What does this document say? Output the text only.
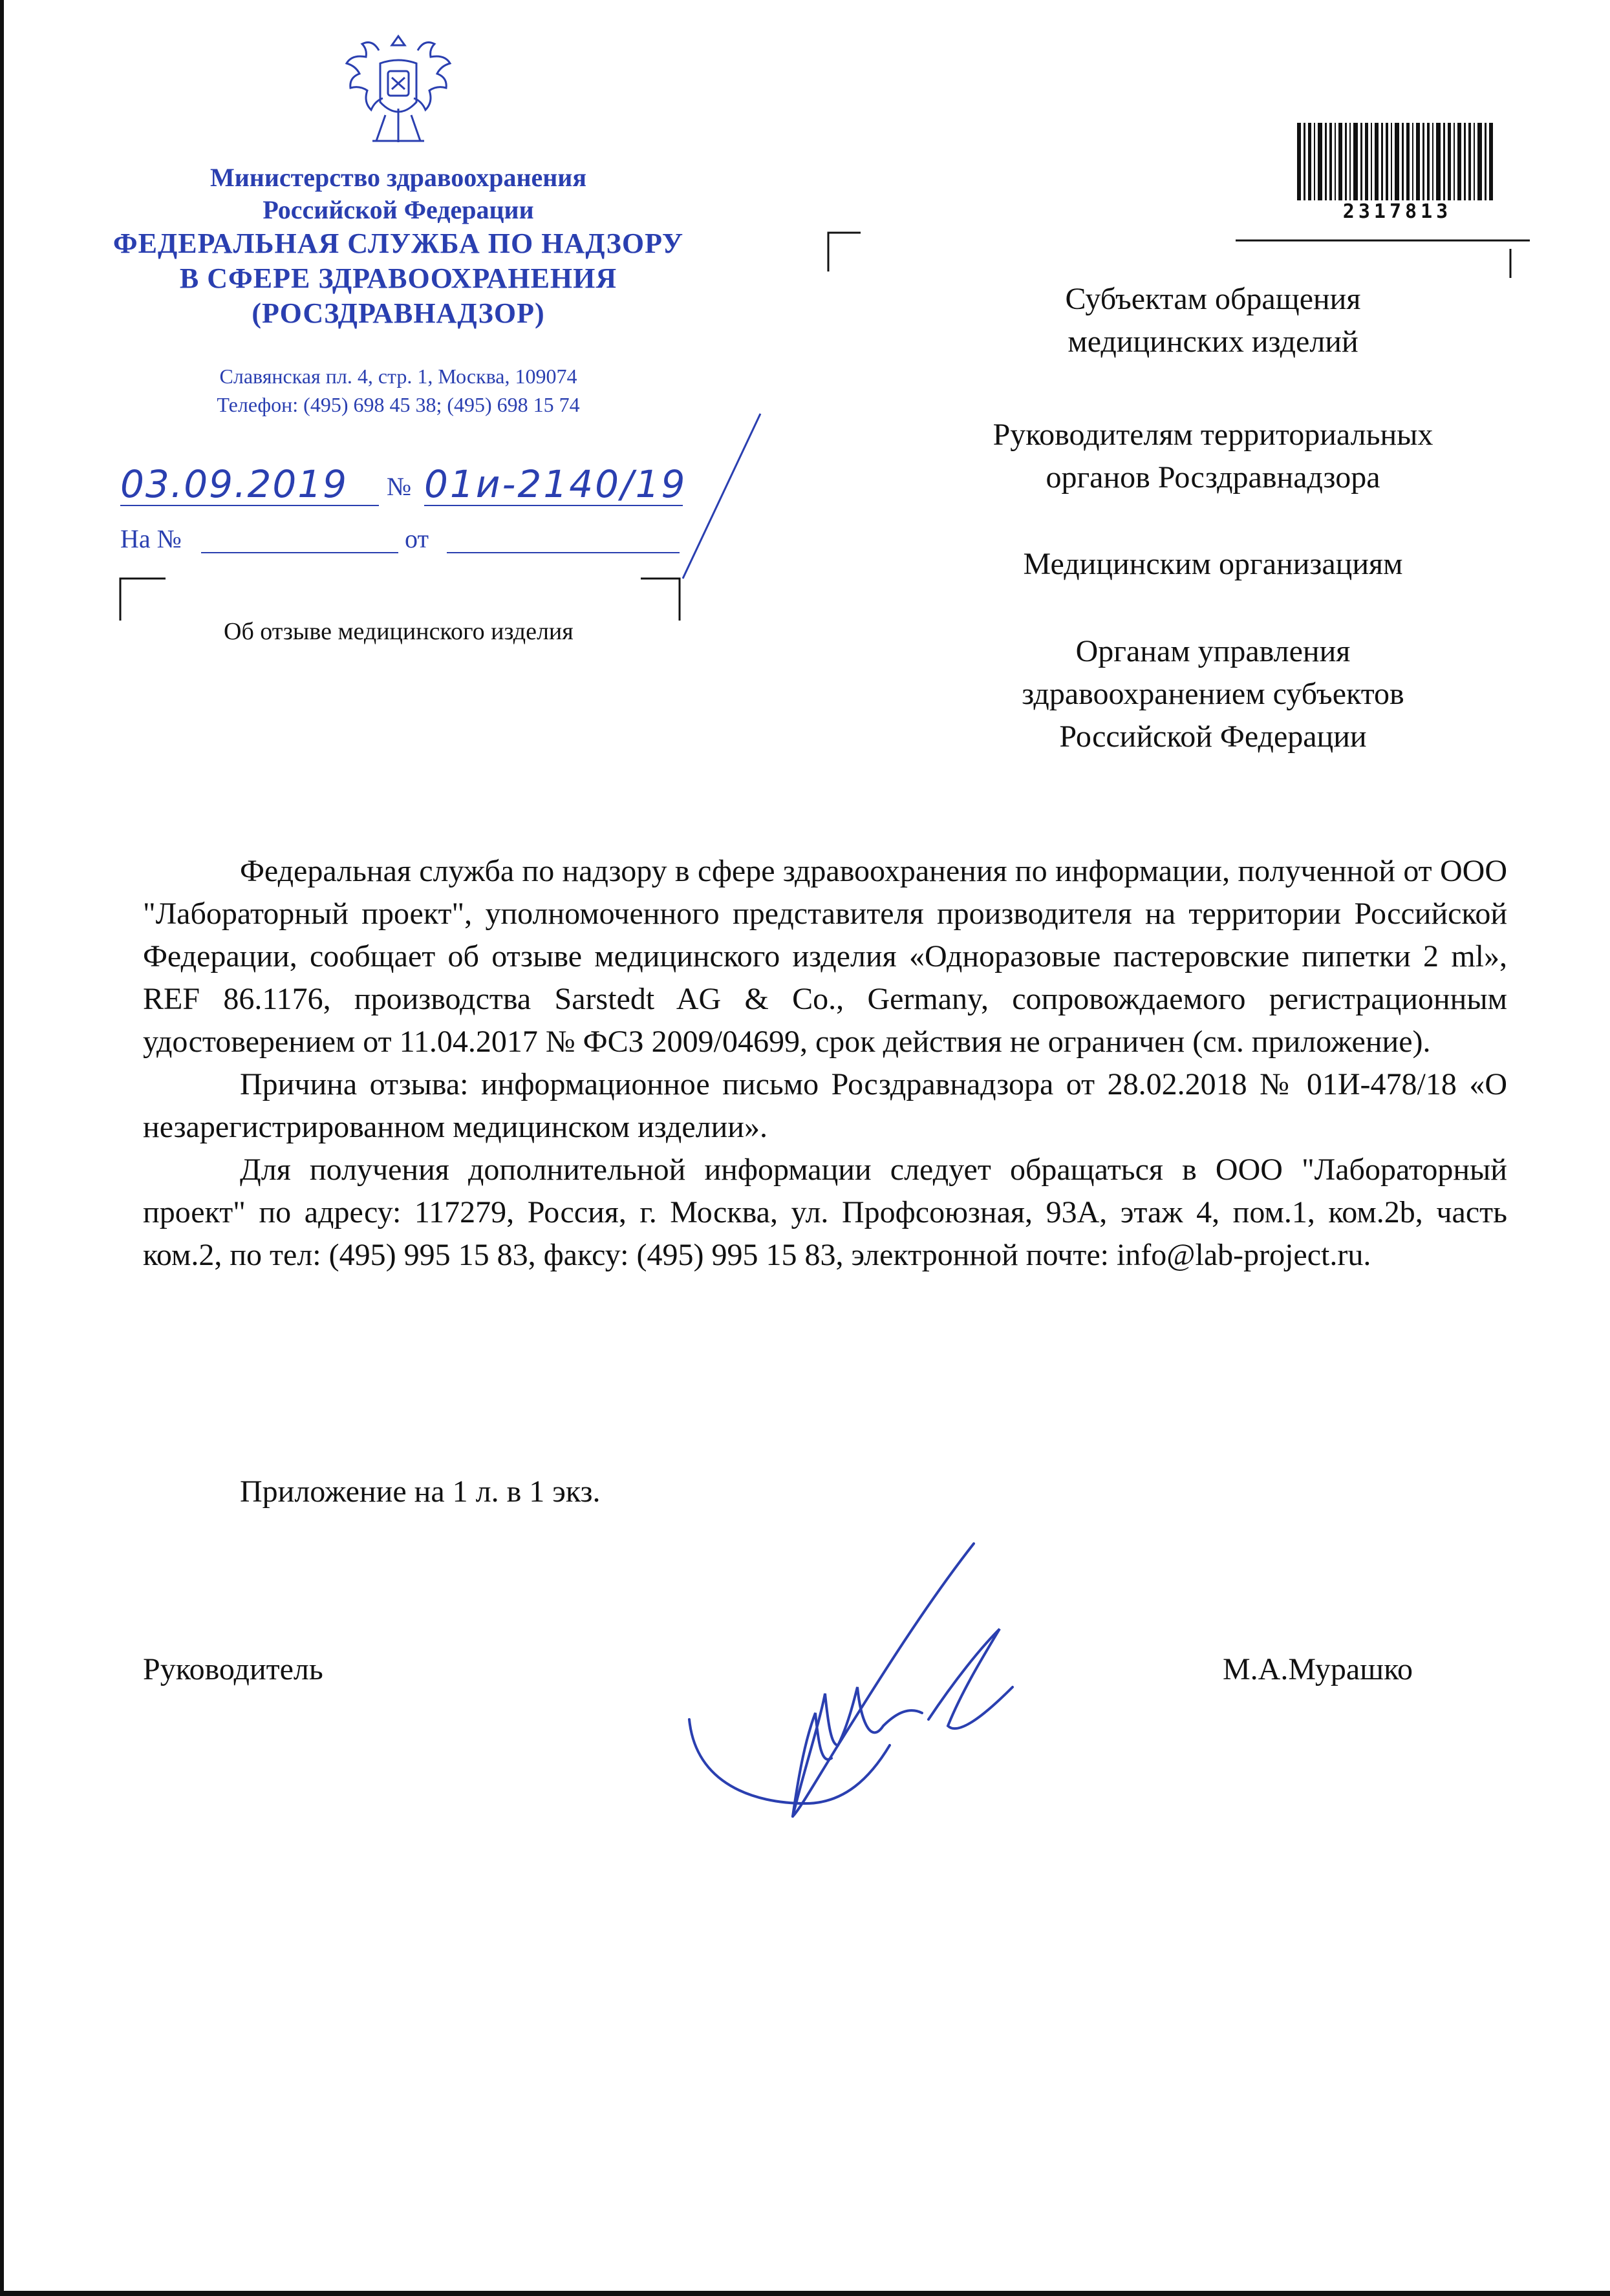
Министерство здравоохранения
Российской Федерации
ФЕДЕРАЛЬНАЯ СЛУЖБА ПО НАДЗОРУ
В СФЕРЕ ЗДРАВООХРАНЕНИЯ
(РОСЗДРАВНАДЗОР)
Славянская пл. 4, стр. 1, Москва, 109074
Телефон: (495) 698 45 38; (495) 698 15 74
03.09.2019 № 01и-2140/19
На №	от
Об отзыве медицинского изделия
2317813
Субъектам обращения
медицинских изделий
Руководителям территориальных
органов Росздравнадзора
Медицинским организациям
Органам управления
здравоохранением субъектов
Российской Федерации

Федеральная служба по надзору в сфере здравоохранения по информации, полученной от ООО "Лабораторный проект", уполномоченного представителя производителя на территории Российской Федерации, сообщает об отзыве медицинского изделия «Одноразовые пастеровские пипетки 2 ml», REF 86.1176, производства Sarstedt AG & Co., Germany, сопровождаемого регистрационным удостоверением от 11.04.2017 № ФСЗ 2009/04699, срок действия не ограничен (см. приложение).

Причина отзыва: информационное письмо Росздравнадзора от 28.02.2018 № 01И-478/18 «О незарегистрированном медицинском изделии».

Для получения дополнительной информации следует обращаться в ООО "Лабораторный проект" по адресу: 117279, Россия, г. Москва, ул. Профсоюзная, 93А, этаж 4, пом.1, ком.2b, часть ком.2, по тел: (495) 995 15 83, факсу: (495) 995 15 83, электронной почте: info@lab-project.ru.

Приложение на 1 л. в 1 экз.
Руководитель	М.А.Мурашко
